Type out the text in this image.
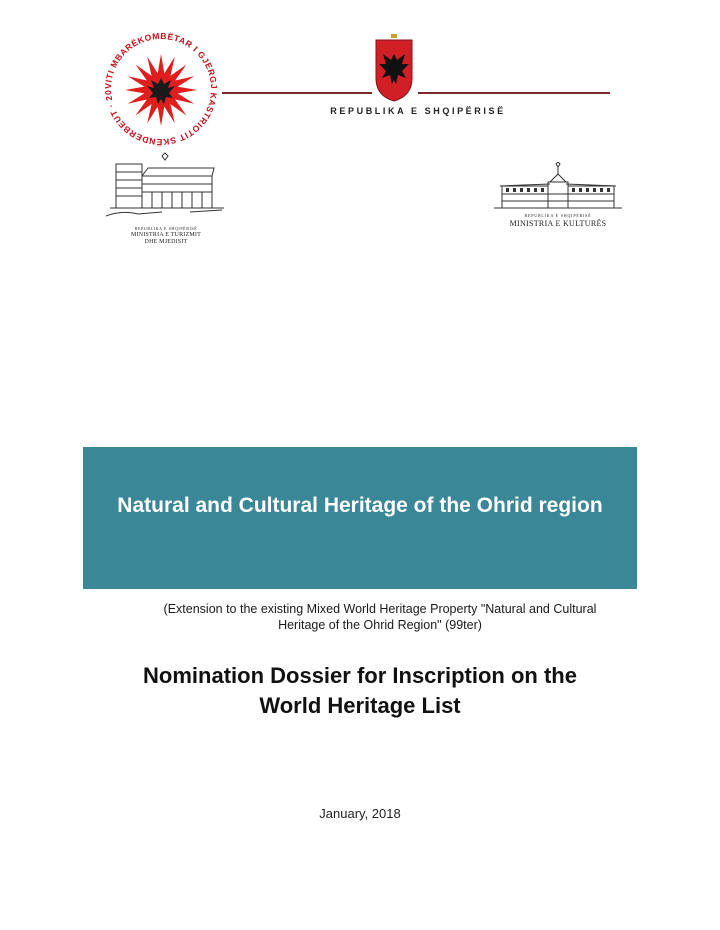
VITI MBARËKOMBËTAR I GJERGJ KASTRIOTIT SKËNDERBEUT · 20
REPUBLIKA E SHQIPËRISË
REPUBLIKA E SHQIPËRISË
MINISTRIA E TURIZMIT
DHE MJEDISIT
REPUBLIKA E SHQIPËRISË
MINISTRIA E KULTURËS
Natural and Cultural Heritage of the Ohrid region
(Extension to the existing Mixed World Heritage Property "Natural and Cultural
Heritage of the Ohrid Region" (99ter)
Nomination Dossier for Inscription on the
World Heritage List
January, 2018
